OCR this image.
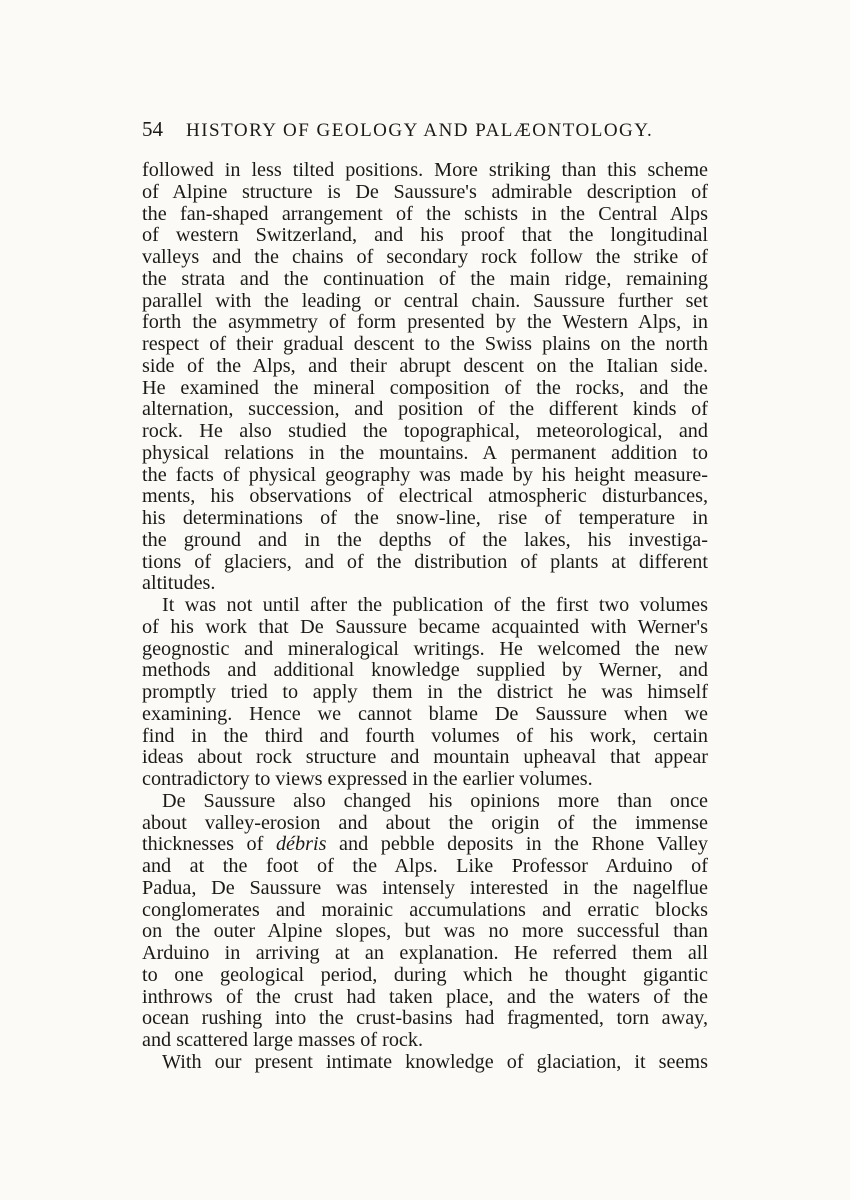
54 HISTORY OF GEOLOGY AND PALÆONTOLOGY.
followed in less tilted positions. More striking than this scheme
of Alpine structure is De Saussure's admirable description of
the fan-shaped arrangement of the schists in the Central Alps
of western Switzerland, and his proof that the longitudinal
valleys and the chains of secondary rock follow the strike of
the strata and the continuation of the main ridge, remaining
parallel with the leading or central chain. Saussure further set
forth the asymmetry of form presented by the Western Alps, in
respect of their gradual descent to the Swiss plains on the north
side of the Alps, and their abrupt descent on the Italian side.
He examined the mineral composition of the rocks, and the
alternation, succession, and position of the different kinds of
rock. He also studied the topographical, meteorological, and
physical relations in the mountains. A permanent addition to
the facts of physical geography was made by his height measure-
ments, his observations of electrical atmospheric disturbances,
his determinations of the snow-line, rise of temperature in
the ground and in the depths of the lakes, his investiga-
tions of glaciers, and of the distribution of plants at different
altitudes.
It was not until after the publication of the first two volumes
of his work that De Saussure became acquainted with Werner's
geognostic and mineralogical writings. He welcomed the new
methods and additional knowledge supplied by Werner, and
promptly tried to apply them in the district he was himself
examining. Hence we cannot blame De Saussure when we
find in the third and fourth volumes of his work, certain
ideas about rock structure and mountain upheaval that appear
contradictory to views expressed in the earlier volumes.
De Saussure also changed his opinions more than once
about valley-erosion and about the origin of the immense
thicknesses of débris and pebble deposits in the Rhone Valley
and at the foot of the Alps. Like Professor Arduino of
Padua, De Saussure was intensely interested in the nagelflue
conglomerates and morainic accumulations and erratic blocks
on the outer Alpine slopes, but was no more successful than
Arduino in arriving at an explanation. He referred them all
to one geological period, during which he thought gigantic
inthrows of the crust had taken place, and the waters of the
ocean rushing into the crust-basins had fragmented, torn away,
and scattered large masses of rock.
With our present intimate knowledge of glaciation, it seems
